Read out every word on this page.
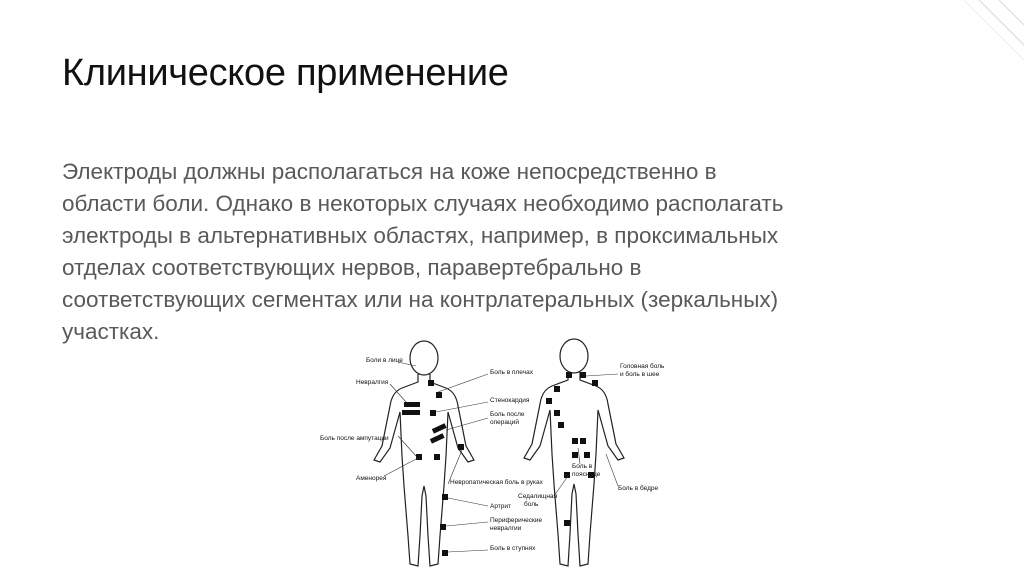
Клиническое применение
Электроды должны располагаться на коже непосредственно в
области боли. Однако в некоторых случаях необходимо располагать
электроды в альтернативных областях, например, в проксимальных
отделах соответствующих нервов, паравертебрально в
соответствующих сегментах или на контрлатеральных (зеркальных)
участках.
Боли в лице
Невралгия
Боль после ампутации
Аменорея
Боль в плечах
Стенокардия
Боль после
операций
Невропатическая боль в руках
Артрит
Периферические
невралгии
Боль в ступнях
Головная боль
и боль в шее
Боль в
пояснице
Боль в бедре
Седалищная
боль
